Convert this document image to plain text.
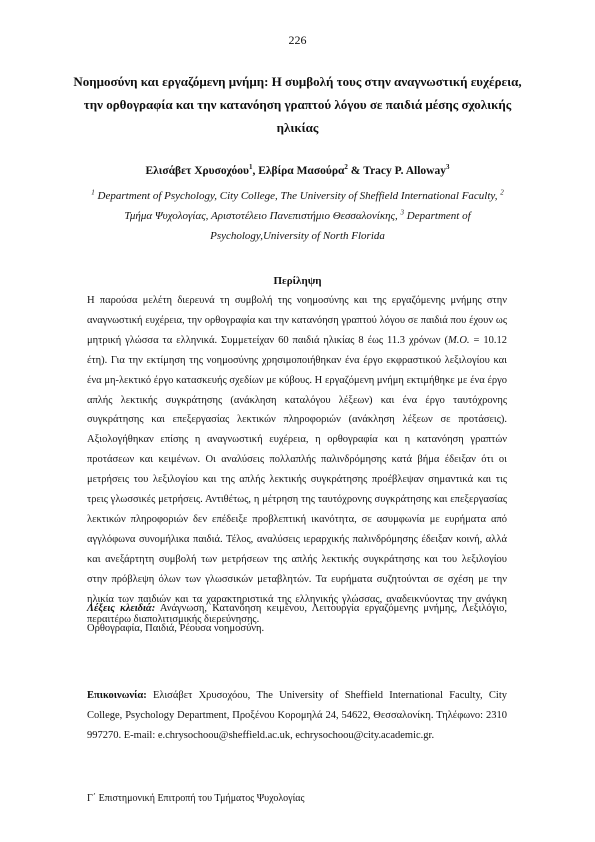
226
Νοημοσύνη και εργαζόμενη μνήμη: Η συμβολή τους στην αναγνωστική ευχέρεια, την ορθογραφία και την κατανόηση γραπτού λόγου σε παιδιά μέσης σχολικής ηλικίας
Ελισάβετ Χρυσοχόου$^1$, Ελβίρα Μασούρα$^2$ & Tracy P. Alloway$^3$
$^1$ Department of Psychology, City College, The University of Sheffield International Faculty, $^2$ Τμήμα Ψυχολογίας, Αριστοτέλειο Πανεπιστήμιο Θεσσαλονίκης, $^3$ Department of Psychology,University of North Florida
Περίληψη
Η παρούσα μελέτη διερευνά τη συμβολή της νοημοσύνης και της εργαζόμενης μνήμης στην αναγνωστική ευχέρεια, την ορθογραφία και την κατανόηση γραπτού λόγου σε παιδιά που έχουν ως μητρική γλώσσα τα ελληνικά. Συμμετείχαν 60 παιδιά ηλικίας 8 έως 11.3 χρόνων (Μ.Ο. = 10.12 έτη). Για την εκτίμηση της νοημοσύνης χρησιμοποιήθηκαν ένα έργο εκφραστικού λεξιλογίου και ένα μη-λεκτικό έργο κατασκευής σχεδίων με κύβους. Η εργαζόμενη μνήμη εκτιμήθηκε με ένα έργο απλής λεκτικής συγκράτησης (ανάκληση καταλόγου λέξεων) και ένα έργο ταυτόχρονης συγκράτησης και επεξεργασίας λεκτικών πληροφοριών (ανάκληση λέξεων σε προτάσεις). Αξιολογήθηκαν επίσης η αναγνωστική ευχέρεια, η ορθογραφία και η κατανόηση γραπτών προτάσεων και κειμένων. Οι αναλύσεις πολλαπλής παλινδρόμησης κατά βήμα έδειξαν ότι οι μετρήσεις του λεξιλογίου και της απλής λεκτικής συγκράτησης προέβλεψαν σημαντικά και τις τρεις γλωσσικές μετρήσεις. Αντιθέτως, η μέτρηση της ταυτόχρονης συγκράτησης και επεξεργασίας λεκτικών πληροφοριών δεν επέδειξε προβλεπτική ικανότητα, σε ασυμφωνία με ευρήματα από αγγλόφωνα συνομήλικα παιδιά. Τέλος, αναλύσεις ιεραρχικής παλινδρόμησης έδειξαν κοινή, αλλά και ανεξάρτητη συμβολή των μετρήσεων της απλής λεκτικής συγκράτησης και του λεξιλογίου στην πρόβλεψη όλων των γλωσσικών μεταβλητών. Τα ευρήματα συζητούνται σε σχέση με την ηλικία των παιδιών και τα χαρακτηριστικά της ελληνικής γλώσσας, αναδεικνύοντας την ανάγκη περαιτέρω διαπολιτισμικής διερεύνησης.
Λέξεις κλειδιά: Ανάγνωση, Κατανόηση κειμένου, Λειτουργία εργαζόμενης μνήμης, Λεξιλόγιο, Ορθογραφία, Παιδιά, Ρέουσα νοημοσύνη.
Επικοινωνία: Ελισάβετ Χρυσοχόου, The University of Sheffield International Faculty, City College, Psychology Department, Προξένου Κορομηλά 24, 54622, Θεσσαλονίκη. Τηλέφωνο: 2310 997270. E-mail: e.chrysochoou@sheffield.ac.uk, echrysochoou@city.academic.gr.
Γ΄ Επιστημονική Επιτροπή του Τμήματος Ψυχολογίας
